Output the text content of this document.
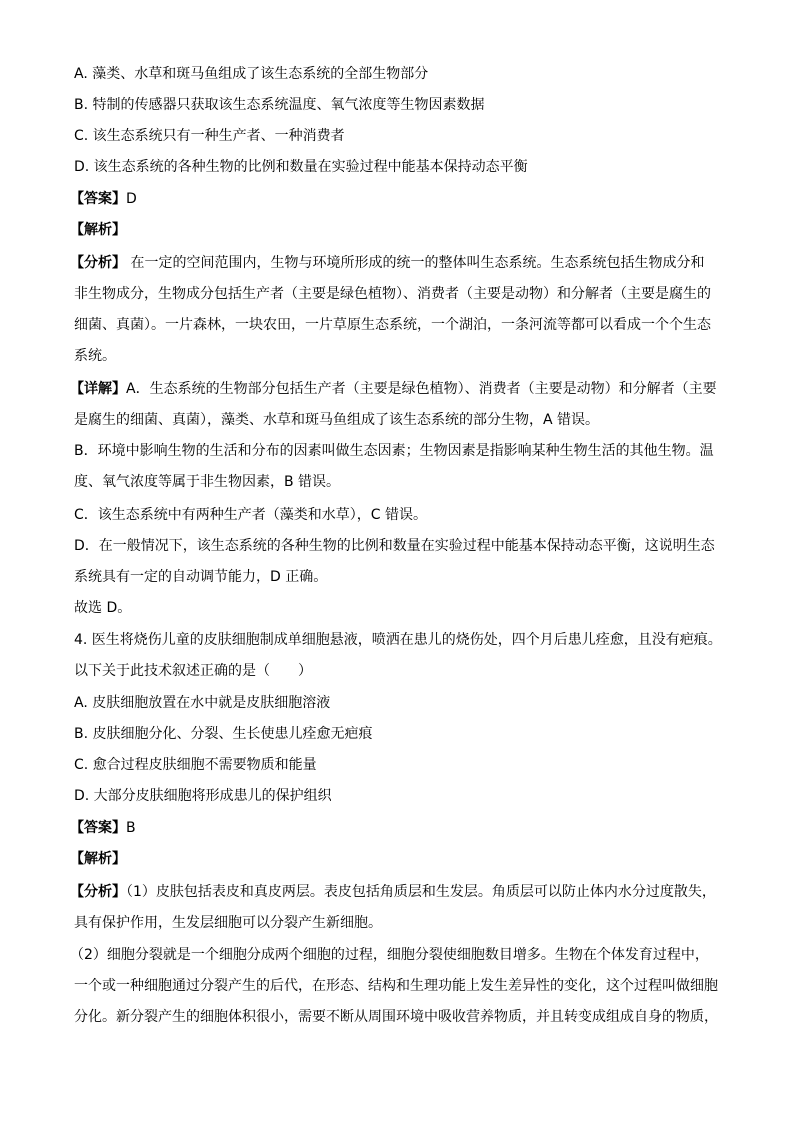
A. 藻类、水草和斑马鱼组成了该生态系统的全部生物部分
B. 特制的传感器只获取该生态系统温度、氧气浓度等生物因素数据
C. 该生态系统只有一种生产者、一种消费者
D. 该生态系统的各种生物的比例和数量在实验过程中能基本保持动态平衡
【答案】D
【解析】
【分析】 在一定的空间范围内，生物与环境所形成的统一的整体叫生态系统。生态系统包括生物成分和
非生物成分，生物成分包括生产者（主要是绿色植物）、消费者（主要是动物）和分解者（主要是腐生的
细菌、真菌）。一片森林，一块农田，一片草原生态系统，一个湖泊，一条河流等都可以看成一个个生态
系统。
【详解】A．生态系统的生物部分包括生产者（主要是绿色植物）、消费者（主要是动物）和分解者（主要
是腐生的细菌、真菌），藻类、水草和斑马鱼组成了该生态系统的部分生物，A 错误。
B．环境中影响生物的生活和分布的因素叫做生态因素；生物因素是指影响某种生物生活的其他生物。温
度、氧气浓度等属于非生物因素，B 错误。
C．该生态系统中有两种生产者（藻类和水草），C 错误。
D．在一般情况下，该生态系统的各种生物的比例和数量在实验过程中能基本保持动态平衡，这说明生态
系统具有一定的自动调节能力，D 正确。
故选 D。
4. 医生将烧伤儿童的皮肤细胞制成单细胞悬液，喷洒在患儿的烧伤处，四个月后患儿痊愈，且没有疤痕。
以下关于此技术叙述正确的是（　　）
A. 皮肤细胞放置在水中就是皮肤细胞溶液
B. 皮肤细胞分化、分裂、生长使患儿痊愈无疤痕
C. 愈合过程皮肤细胞不需要物质和能量
D. 大部分皮肤细胞将形成患儿的保护组织
【答案】B
【解析】
【分析】（1）皮肤包括表皮和真皮两层。表皮包括角质层和生发层。角质层可以防止体内水分过度散失，
具有保护作用，生发层细胞可以分裂产生新细胞。
（2）细胞分裂就是一个细胞分成两个细胞的过程，细胞分裂使细胞数目增多。生物在个体发育过程中，
一个或一种细胞通过分裂产生的后代，在形态、结构和生理功能上发生差异性的变化，这个过程叫做细胞
分化。新分裂产生的细胞体积很小，需要不断从周围环境中吸收营养物质，并且转变成组成自身的物质，
